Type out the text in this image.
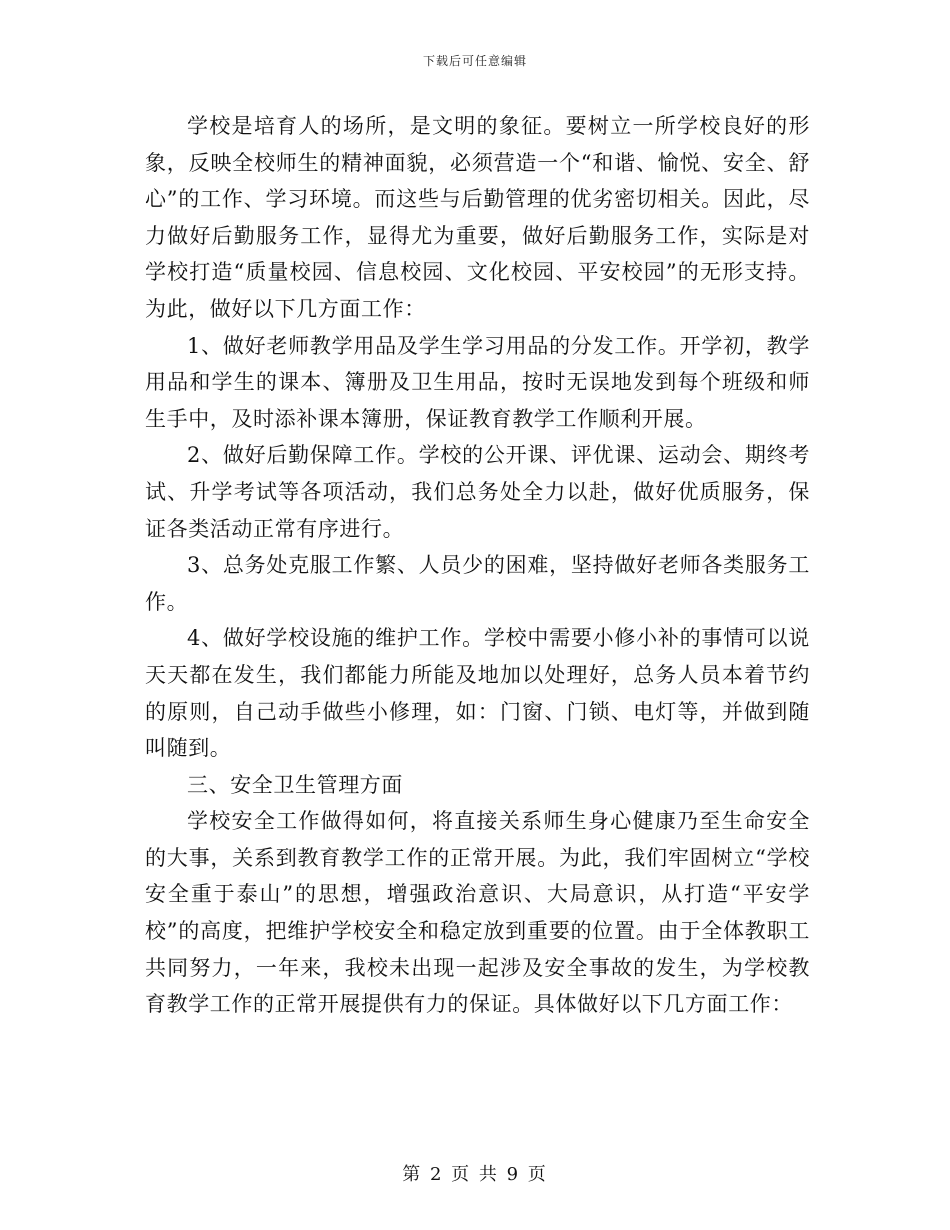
下载后可任意编辑

学校是培育人的场所，是文明的象征。要树立一所学校良好的形象，反映全校师生的精神面貌，必须营造一个“和谐、愉悦、安全、舒心”的工作、学习环境。而这些与后勤管理的优劣密切相关。因此，尽力做好后勤服务工作，显得尤为重要，做好后勤服务工作，实际是对学校打造“质量校园、信息校园、文化校园、平安校园”的无形支持。为此，做好以下几方面工作：

1、做好老师教学用品及学生学习用品的分发工作。开学初，教学用品和学生的课本、簿册及卫生用品，按时无误地发到每个班级和师生手中，及时添补课本簿册，保证教育教学工作顺利开展。

2、做好后勤保障工作。学校的公开课、评优课、运动会、期终考试、升学考试等各项活动，我们总务处全力以赴，做好优质服务，保证各类活动正常有序进行。

3、总务处克服工作繁、人员少的困难，坚持做好老师各类服务工作。

4、做好学校设施的维护工作。学校中需要小修小补的事情可以说天天都在发生，我们都能力所能及地加以处理好，总务人员本着节约的原则，自己动手做些小修理，如：门窗、门锁、电灯等，并做到随叫随到。

三、安全卫生管理方面

学校安全工作做得如何，将直接关系师生身心健康乃至生命安全的大事，关系到教育教学工作的正常开展。为此，我们牢固树立“学校安全重于泰山”的思想，增强政治意识、大局意识，从打造“平安学校”的高度，把维护学校安全和稳定放到重要的位置。由于全体教职工共同努力，一年来，我校未出现一起涉及安全事故的发生，为学校教育教学工作的正常开展提供有力的保证。具体做好以下几方面工作：

第 2 页 共 9 页
